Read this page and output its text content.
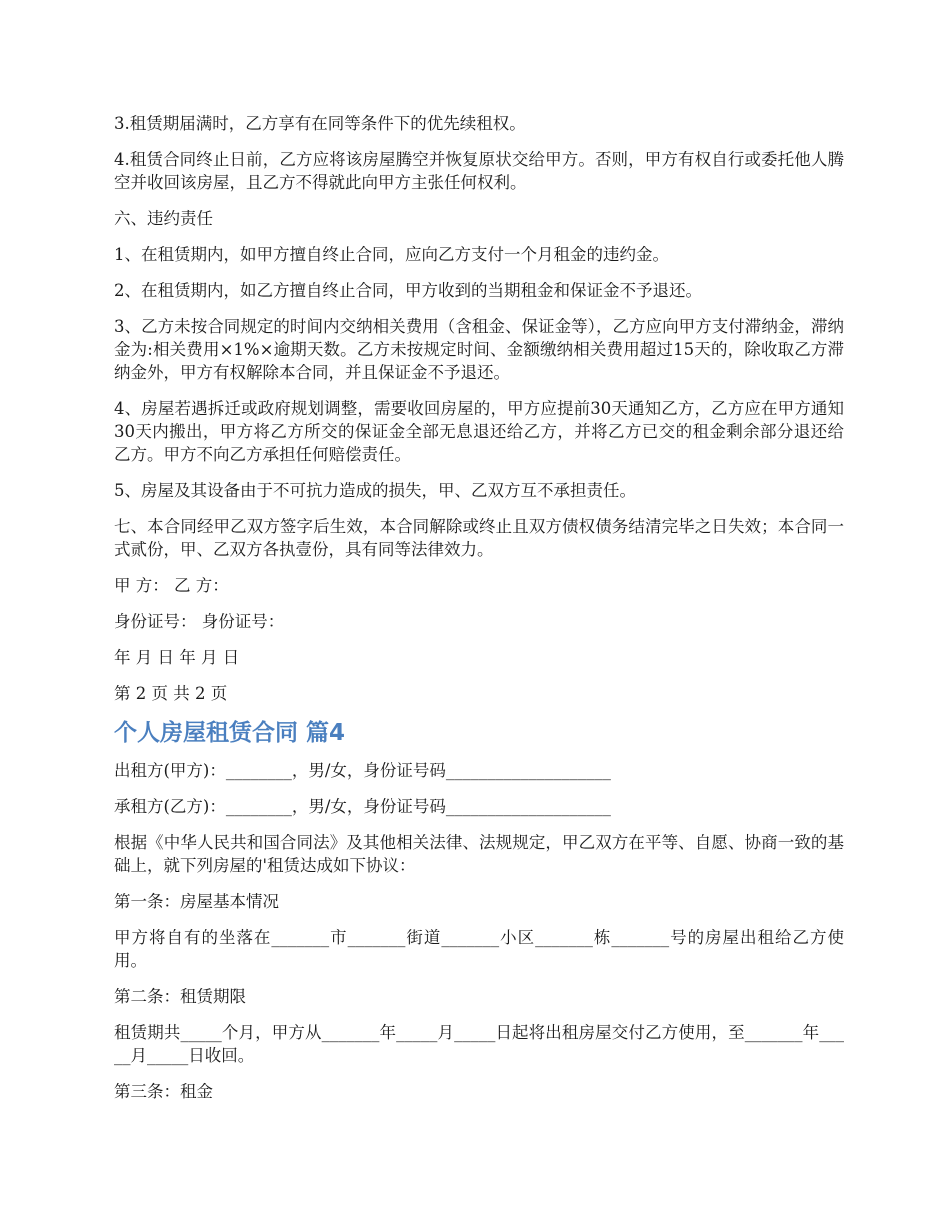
3.租赁期届满时，乙方享有在同等条件下的优先续租权。

4.租赁合同终止日前，乙方应将该房屋腾空并恢复原状交给甲方。否则，甲方有权自行或委托他人腾空并收回该房屋，且乙方不得就此向甲方主张任何权利。

六、违约责任

1、在租赁期内，如甲方擅自终止合同，应向乙方支付一个月租金的违约金。

2、在租赁期内，如乙方擅自终止合同，甲方收到的当期租金和保证金不予退还。

3、乙方未按合同规定的时间内交纳相关费用（含租金、保证金等），乙方应向甲方支付滞纳金，滞纳金为:相关费用×1%×逾期天数。乙方未按规定时间、金额缴纳相关费用超过15天的，除收取乙方滞纳金外，甲方有权解除本合同，并且保证金不予退还。

4、房屋若遇拆迁或政府规划调整，需要收回房屋的，甲方应提前30天通知乙方，乙方应在甲方通知30天内搬出，甲方将乙方所交的保证金全部无息退还给乙方，并将乙方已交的租金剩余部分退还给乙方。甲方不向乙方承担任何赔偿责任。

5、房屋及其设备由于不可抗力造成的损失，甲、乙双方互不承担责任。

七、本合同经甲乙双方签字后生效，本合同解除或终止且双方债权债务结清完毕之日失效；本合同一式贰份，甲、乙双方各执壹份，具有同等法律效力。

甲 方： 乙 方：

身份证号： 身份证号：

年 月 日 年 月 日

第 2 页 共 2 页

个人房屋租赁合同 篇4

出租方(甲方)：________，男/女，身份证号码____________________

承租方(乙方)：________，男/女，身份证号码____________________

根据《中华人民共和国合同法》及其他相关法律、法规规定，甲乙双方在平等、自愿、协商一致的基础上，就下列房屋的'租赁达成如下协议：

第一条：房屋基本情况

甲方将自有的坐落在_______市_______街道_______小区_______栋_______号的房屋出租给乙方使用。

第二条：租赁期限

租赁期共_____个月，甲方从_______年_____月_____日起将出租房屋交付乙方使用，至_______年_____月_____日收回。

第三条：租金
